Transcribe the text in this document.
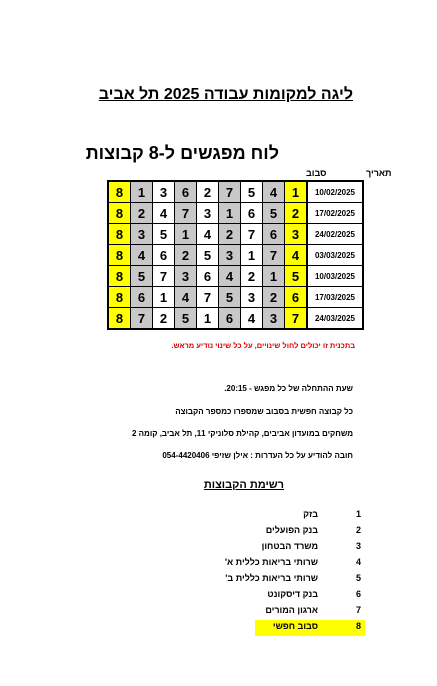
ליגה למקומות עבודה 2025 תל אביב
לוח מפגשים ל-8 קבוצות
תאריך
סבוב
8	1	3	6	2	7	5	4	1	10/02/2025
8	2	4	7	3	1	6	5	2	17/02/2025
8	3	5	1	4	2	7	6	3	24/02/2025
8	4	6	2	5	3	1	7	4	03/03/2025
8	5	7	3	6	4	2	1	5	10/03/2025
8	6	1	4	7	5	3	2	6	17/03/2025
8	7	2	5	1	6	4	3	7	24/03/2025
בתכנית זו יכולים לחול שינויים, על כל שינוי נודיע מראש.
שעת ההתחלה של כל מפגש - 20:15.
כל קבוצה חפשית בסבוב שמספרו כמספר הקבוצה
משחקים במועדון אביבים, קהילת סלוניקי 11, תל אביב, קומה 2
חובה להודיע על כל העדרות : אילן שזיפי 054-4420406
רשימת הקבוצות
1
בזק
2
בנק הפועלים
3
משרד הבטחון
4
שרותי בריאות כללית א'
5
שרותי בריאות כללית ב'
6
בנק דיסקונט
7
ארגון המורים
8
סבוב חפשי
